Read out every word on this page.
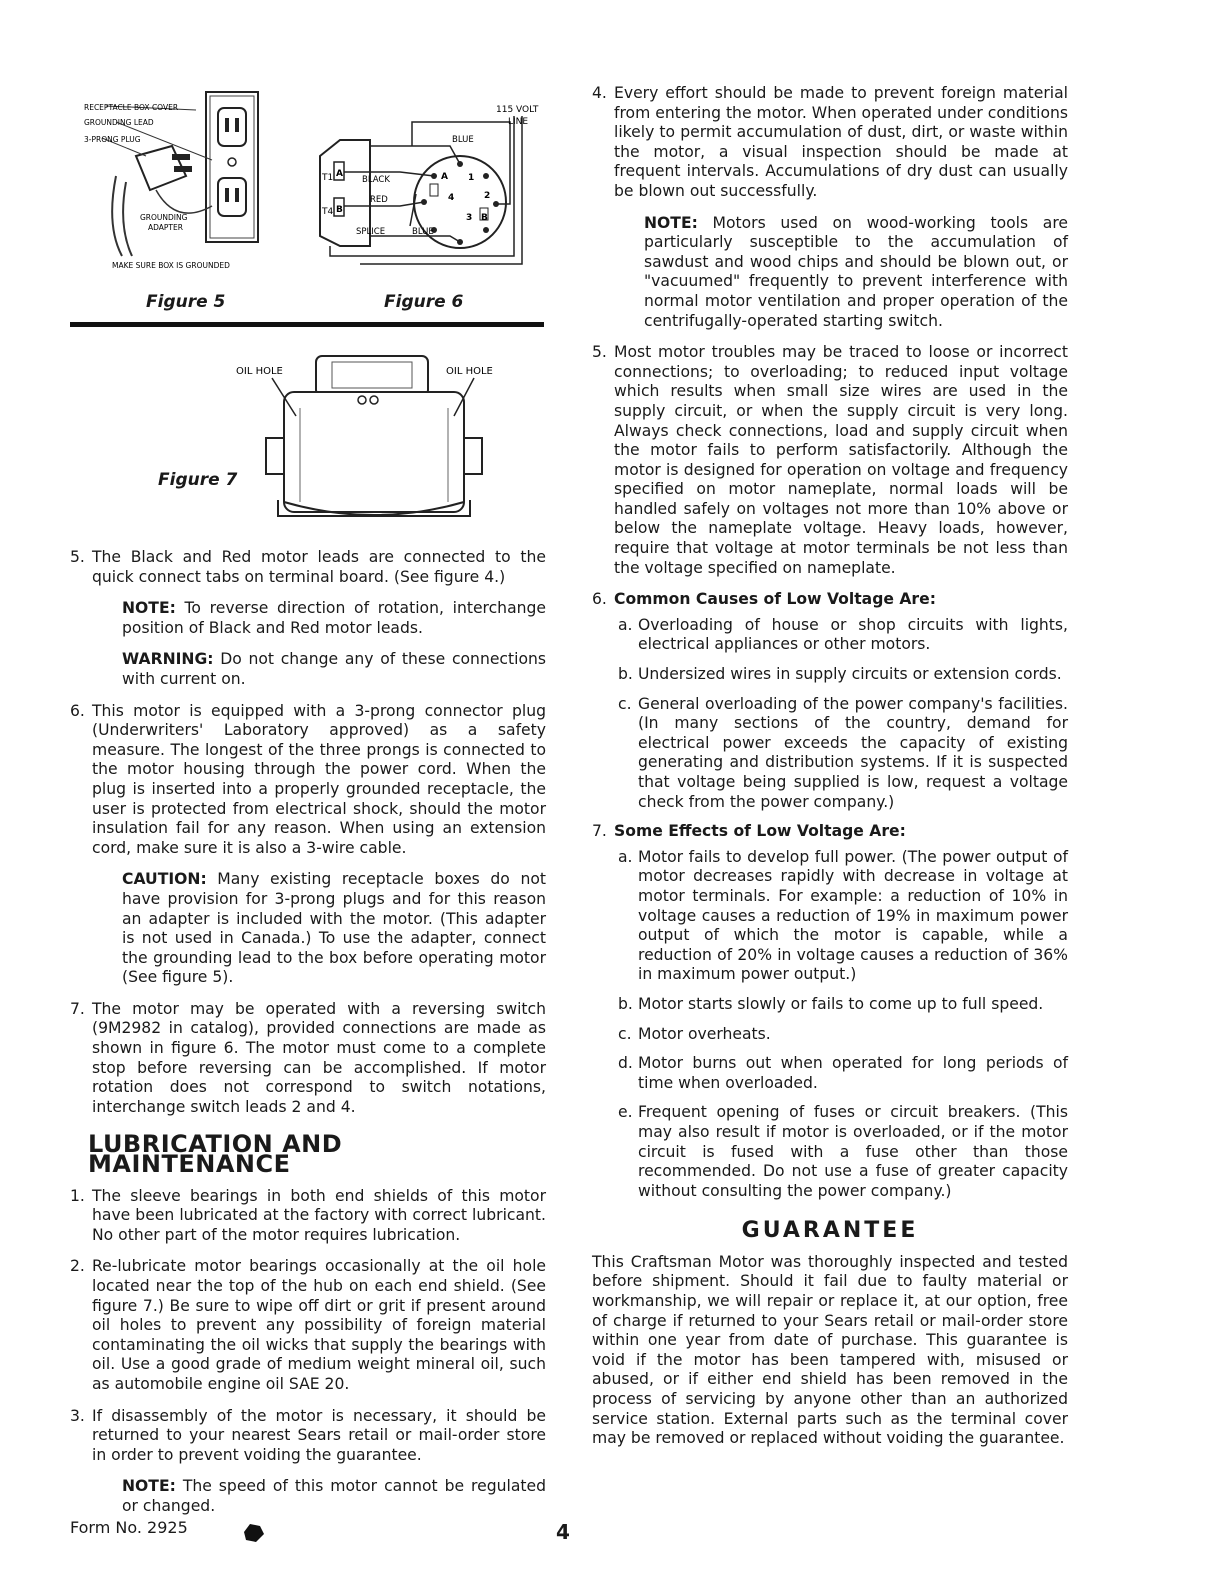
RECEPTACLE BOX COVER
GROUNDING LEAD
3-PRONG PLUG
GROUNDING
ADAPTER
MAKE SURE BOX IS GROUNDED
Figure 5
115 VOLT
LINE
BLUE
BLACK
RED
SPLICE	BLUE
T1
T4
A
B
A
B
1
2
3
4
Figure 6
OIL HOLE	OIL HOLE
Figure 7
5. The Black and Red motor leads are connected to the quick connect tabs on terminal board. (See figure 4.)
NOTE: To reverse direction of rotation, interchange position of Black and Red motor leads.
WARNING: Do not change any of these connections with current on.
6. This motor is equipped with a 3-prong connector plug (Underwriters' Laboratory approved) as a safety measure. The longest of the three prongs is connected to the motor housing through the power cord. When the plug is inserted into a properly grounded receptacle, the user is protected from electrical shock, should the motor insulation fail for any reason. When using an extension cord, make sure it is also a 3-wire cable.
CAUTION: Many existing receptacle boxes do not have provision for 3-prong plugs and for this reason an adapter is included with the motor. (This adapter is not used in Canada.) To use the adapter, connect the grounding lead to the box before operating motor (See figure 5).
7. The motor may be operated with a reversing switch (9M2982 in catalog), provided connections are made as shown in figure 6. The motor must come to a complete stop before reversing can be accomplished. If motor rotation does not correspond to switch notations, interchange switch leads 2 and 4.
LUBRICATION AND MAINTENANCE
1. The sleeve bearings in both end shields of this motor have been lubricated at the factory with correct lubricant. No other part of the motor requires lubrication.
2. Re-lubricate motor bearings occasionally at the oil hole located near the top of the hub on each end shield. (See figure 7.) Be sure to wipe off dirt or grit if present around oil holes to prevent any possibility of foreign material contaminating the oil wicks that supply the bearings with oil. Use a good grade of medium weight mineral oil, such as automobile engine oil SAE 20.
3. If disassembly of the motor is necessary, it should be returned to your nearest Sears retail or mail-order store in order to prevent voiding the guarantee.
NOTE: The speed of this motor cannot be regulated or changed.
4. Every effort should be made to prevent foreign material from entering the motor. When operated under conditions likely to permit accumulation of dust, dirt, or waste within the motor, a visual inspection should be made at frequent intervals. Accumulations of dry dust can usually be blown out successfully.
NOTE: Motors used on wood-working tools are particularly susceptible to the accumulation of sawdust and wood chips and should be blown out, or "vacuumed" frequently to prevent interference with normal motor ventilation and proper operation of the centrifugally-operated starting switch.
5. Most motor troubles may be traced to loose or incorrect connections; to overloading; to reduced input voltage which results when small size wires are used in the supply circuit, or when the supply circuit is very long. Always check connections, load and supply circuit when the motor fails to perform satisfactorily. Although the motor is designed for operation on voltage and frequency specified on motor nameplate, normal loads will be handled safely on voltages not more than 10% above or below the nameplate voltage. Heavy loads, however, require that voltage at motor terminals be not less than the voltage specified on nameplate.
6. Common Causes of Low Voltage Are:
a. Overloading of house or shop circuits with lights, electrical appliances or other motors.
b. Undersized wires in supply circuits or extension cords.
c. General overloading of the power company's facilities. (In many sections of the country, demand for electrical power exceeds the capacity of existing generating and distribution systems. If it is suspected that voltage being supplied is low, request a voltage check from the power company.)
7. Some Effects of Low Voltage Are:
a. Motor fails to develop full power. (The power output of motor decreases rapidly with decrease in voltage at motor terminals. For example: a reduction of 10% in voltage causes a reduction of 19% in maximum power output of which the motor is capable, while a reduction of 20% in voltage causes a reduction of 36% in maximum power output.)
b. Motor starts slowly or fails to come up to full speed.
c. Motor overheats.
d. Motor burns out when operated for long periods of time when overloaded.
e. Frequent opening of fuses or circuit breakers. (This may also result if motor is overloaded, or if the motor circuit is fused with a fuse other than those recommended. Do not use a fuse of greater capacity without consulting the power company.)
GUARANTEE
This Craftsman Motor was thoroughly inspected and tested before shipment. Should it fail due to faulty material or workmanship, we will repair or replace it, at our option, free of charge if returned to your Sears retail or mail-order store within one year from date of purchase. This guarantee is void if the motor has been tampered with, misused or abused, or if either end shield has been removed in the process of servicing by anyone other than an authorized service station. External parts such as the terminal cover may be removed or replaced without voiding the guarantee.
Form No. 2925	4
